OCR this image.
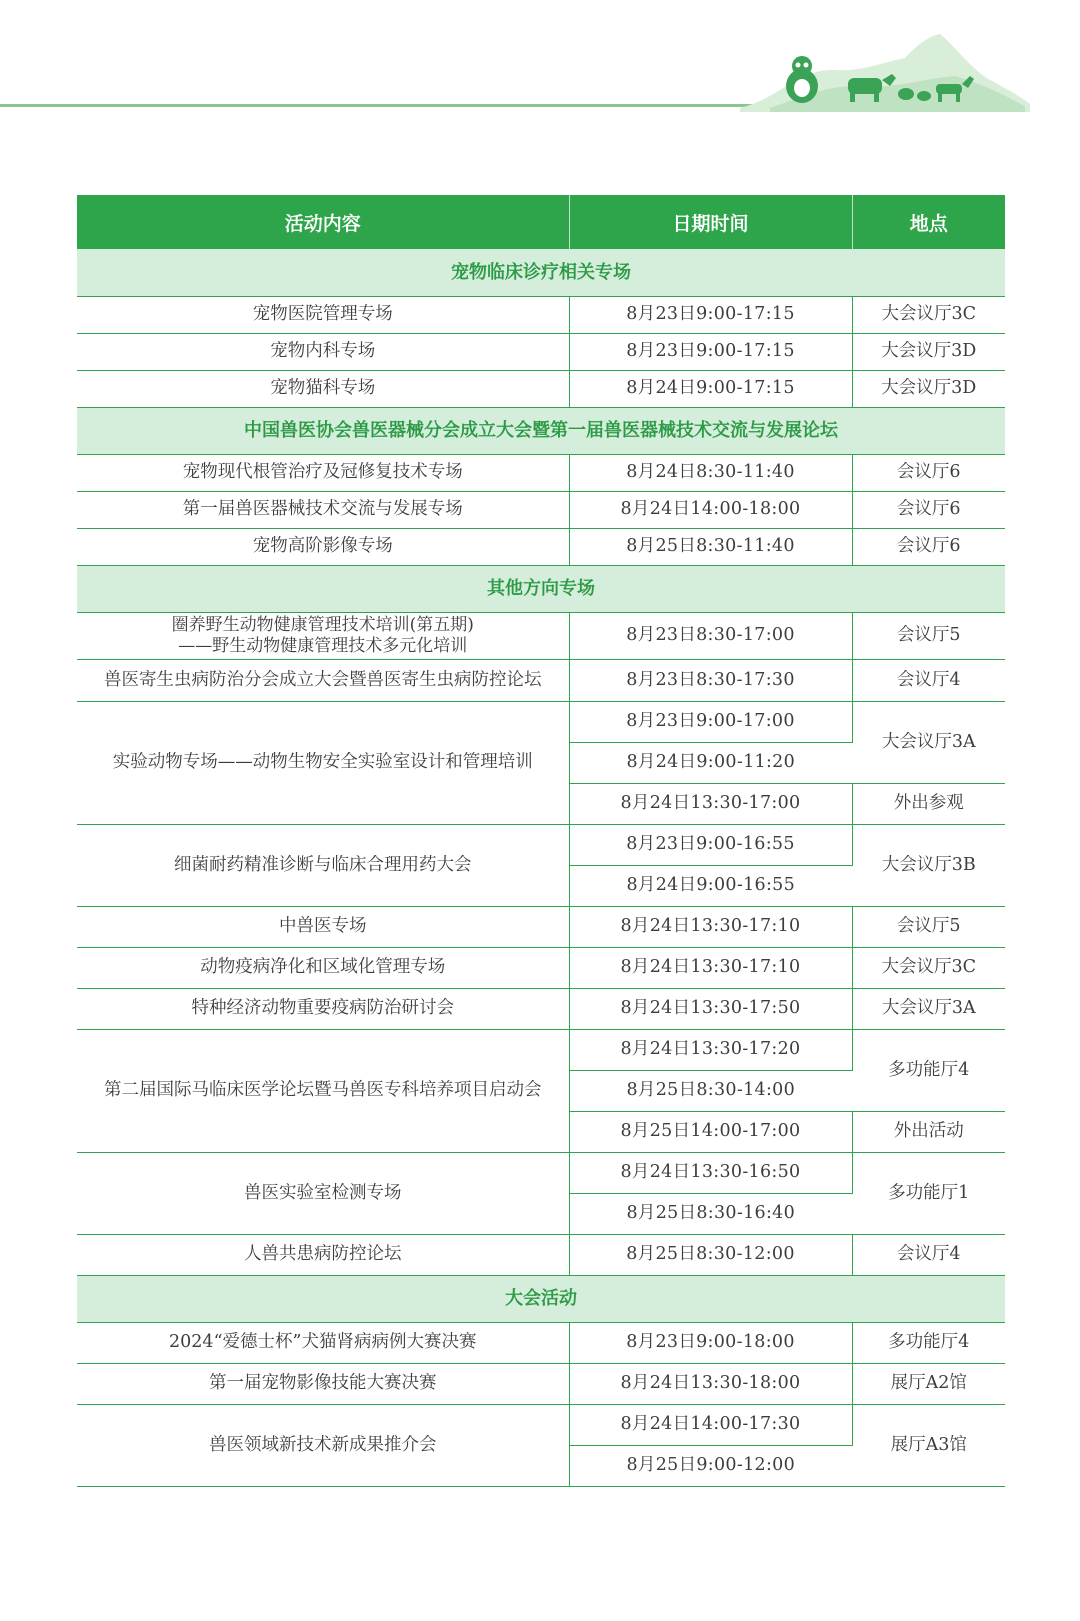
活动内容	日期时间	地点
宠物临床诊疗相关专场		

宠物医院管理专场	8月23日9:00-17:15	大会议厅3C

宠物内科专场	8月23日9:00-17:15	大会议厅3D

宠物猫科专场	8月24日9:00-17:15	大会议厅3D
中国兽医协会兽医器械分会成立大会暨第一届兽医器械技术交流与发展论坛		

宠物现代根管治疗及冠修复技术专场	8月24日8:30-11:40	会议厅6

第一届兽医器械技术交流与发展专场	8月24日14:00-18:00	会议厅6

宠物高阶影像专场	8月25日8:30-11:40	会议厅6
其他方向专场		

圈养野生动物健康管理技术培训(第五期)
——野生动物健康管理技术多元化培训	8月23日8:30-17:00	会议厅5

兽医寄生虫病防治分会成立大会暨兽医寄生虫病防控论坛	8月23日8:30-17:30	会议厅4

实验动物专场——动物生物安全实验室设计和管理培训	8月23日9:00-17:00	大会议厅3A
	8月24日9:00-11:20	
	8月24日13:30-17:00	外出参观

细菌耐药精准诊断与临床合理用药大会	8月23日9:00-16:55	大会议厅3B
	8月24日9:00-16:55	

中兽医专场	8月24日13:30-17:10	会议厅5

动物疫病净化和区域化管理专场	8月24日13:30-17:10	大会议厅3C

特种经济动物重要疫病防治研讨会	8月24日13:30-17:50	大会议厅3A

第二届国际马临床医学论坛暨马兽医专科培养项目启动会	8月24日13:30-17:20	多功能厅4
	8月25日8:30-14:00	
	8月25日14:00-17:00	外出活动

兽医实验室检测专场	8月24日13:30-16:50	多功能厅1
	8月25日8:30-16:40	

人兽共患病防控论坛	8月25日8:30-12:00	会议厅4
大会活动		

2024“爱德士杯”犬猫肾病病例大赛决赛	8月23日9:00-18:00	多功能厅4

第一届宠物影像技能大赛决赛	8月24日13:30-18:00	展厅A2馆

兽医领域新技术新成果推介会	8月24日14:00-17:30	展厅A3馆
	8月25日9:00-12:00	
